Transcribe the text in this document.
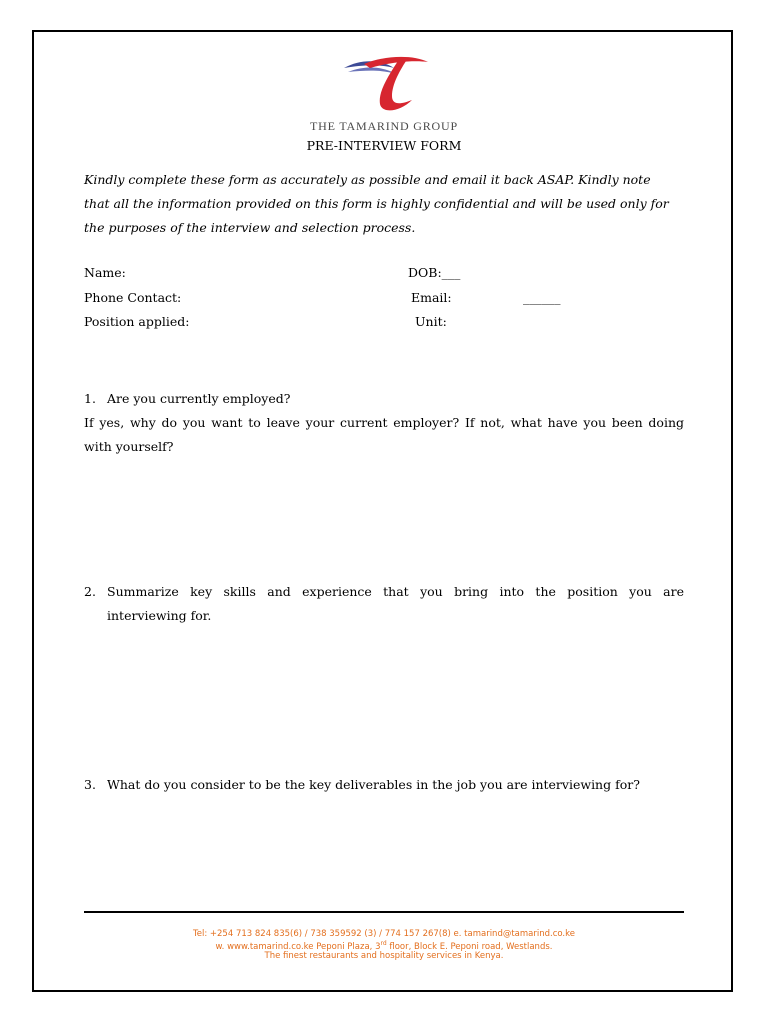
THE TAMARIND GROUP
PRE-INTERVIEW FORM
Kindly complete these form as accurately as possible and email it back ASAP. Kindly note
that all the information provided on this form is highly confidential and will be used only for
the purposes of the interview and selection process.
Name:	DOB:___
Phone Contact:	Email:	______
Position applied:	Unit:
1. Are you currently employed?
If yes, why do you want to leave your current employer? If not, what have you been doing
with yourself?
2. Summarize key skills and experience that you bring into the position you are
interviewing for.
3. What do you consider to be the key deliverables in the job you are interviewing for?
Tel: +254 713 824 835(6) / 738 359592 (3) / 774 157 267(8) e. tamarind@tamarind.co.ke
w. www.tamarind.co.ke Peponi Plaza, 3rd floor, Block E. Peponi road, Westlands.
The finest restaurants and hospitality services in Kenya.
